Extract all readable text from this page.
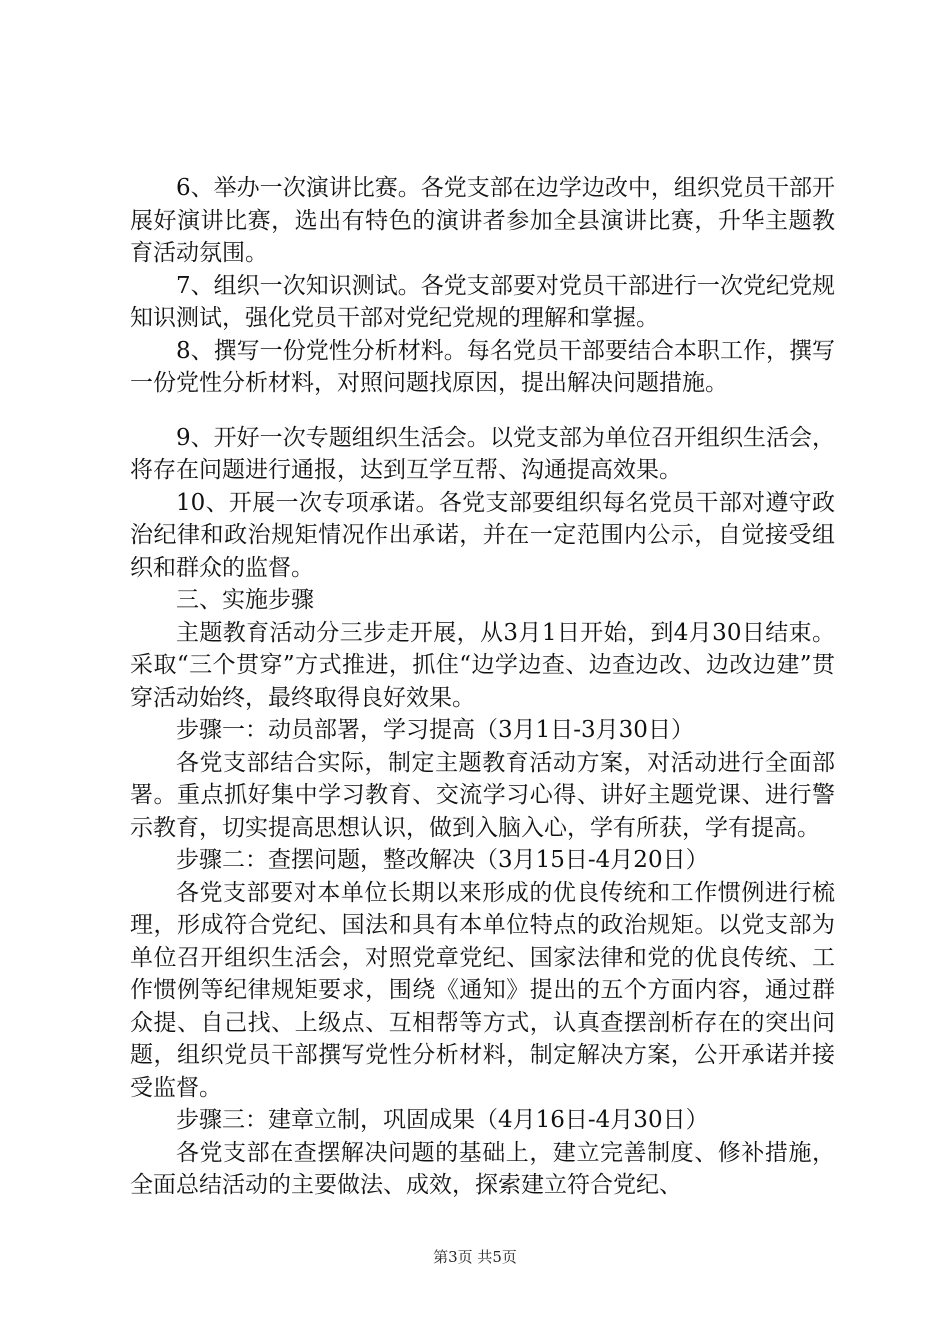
6、举办一次演讲比赛。各党支部在边学边改中，组织党员干部开展好演讲比赛，选出有特色的演讲者参加全县演讲比赛，升华主题教育活动氛围。

7、组织一次知识测试。各党支部要对党员干部进行一次党纪党规知识测试，强化党员干部对党纪党规的理解和掌握。

8、撰写一份党性分析材料。每名党员干部要结合本职工作，撰写一份党性分析材料，对照问题找原因，提出解决问题措施。

9、开好一次专题组织生活会。以党支部为单位召开组织生活会，将存在问题进行通报，达到互学互帮、沟通提高效果。

10、开展一次专项承诺。各党支部要组织每名党员干部对遵守政治纪律和政治规矩情况作出承诺，并在一定范围内公示，自觉接受组织和群众的监督。

三、实施步骤

主题教育活动分三步走开展，从3月1日开始，到4月30日结束。采取“三个贯穿”方式推进，抓住“边学边查、边查边改、边改边建”贯穿活动始终，最终取得良好效果。

步骤一：动员部署，学习提高（3月1日-3月30日）

各党支部结合实际，制定主题教育活动方案，对活动进行全面部署。重点抓好集中学习教育、交流学习心得、讲好主题党课、进行警示教育，切实提高思想认识，做到入脑入心，学有所获，学有提高。

步骤二：查摆问题，整改解决（3月15日-4月20日）

各党支部要对本单位长期以来形成的优良传统和工作惯例进行梳理，形成符合党纪、国法和具有本单位特点的政治规矩。以党支部为单位召开组织生活会，对照党章党纪、国家法律和党的优良传统、工作惯例等纪律规矩要求，围绕《通知》提出的五个方面内容，通过群众提、自己找、上级点、互相帮等方式，认真查摆剖析存在的突出问题，组织党员干部撰写党性分析材料，制定解决方案，公开承诺并接受监督。

步骤三：建章立制，巩固成果（4月16日-4月30日）

各党支部在查摆解决问题的基础上，建立完善制度、修补措施，全面总结活动的主要做法、成效，探索建立符合党纪、

第3页 共5页
